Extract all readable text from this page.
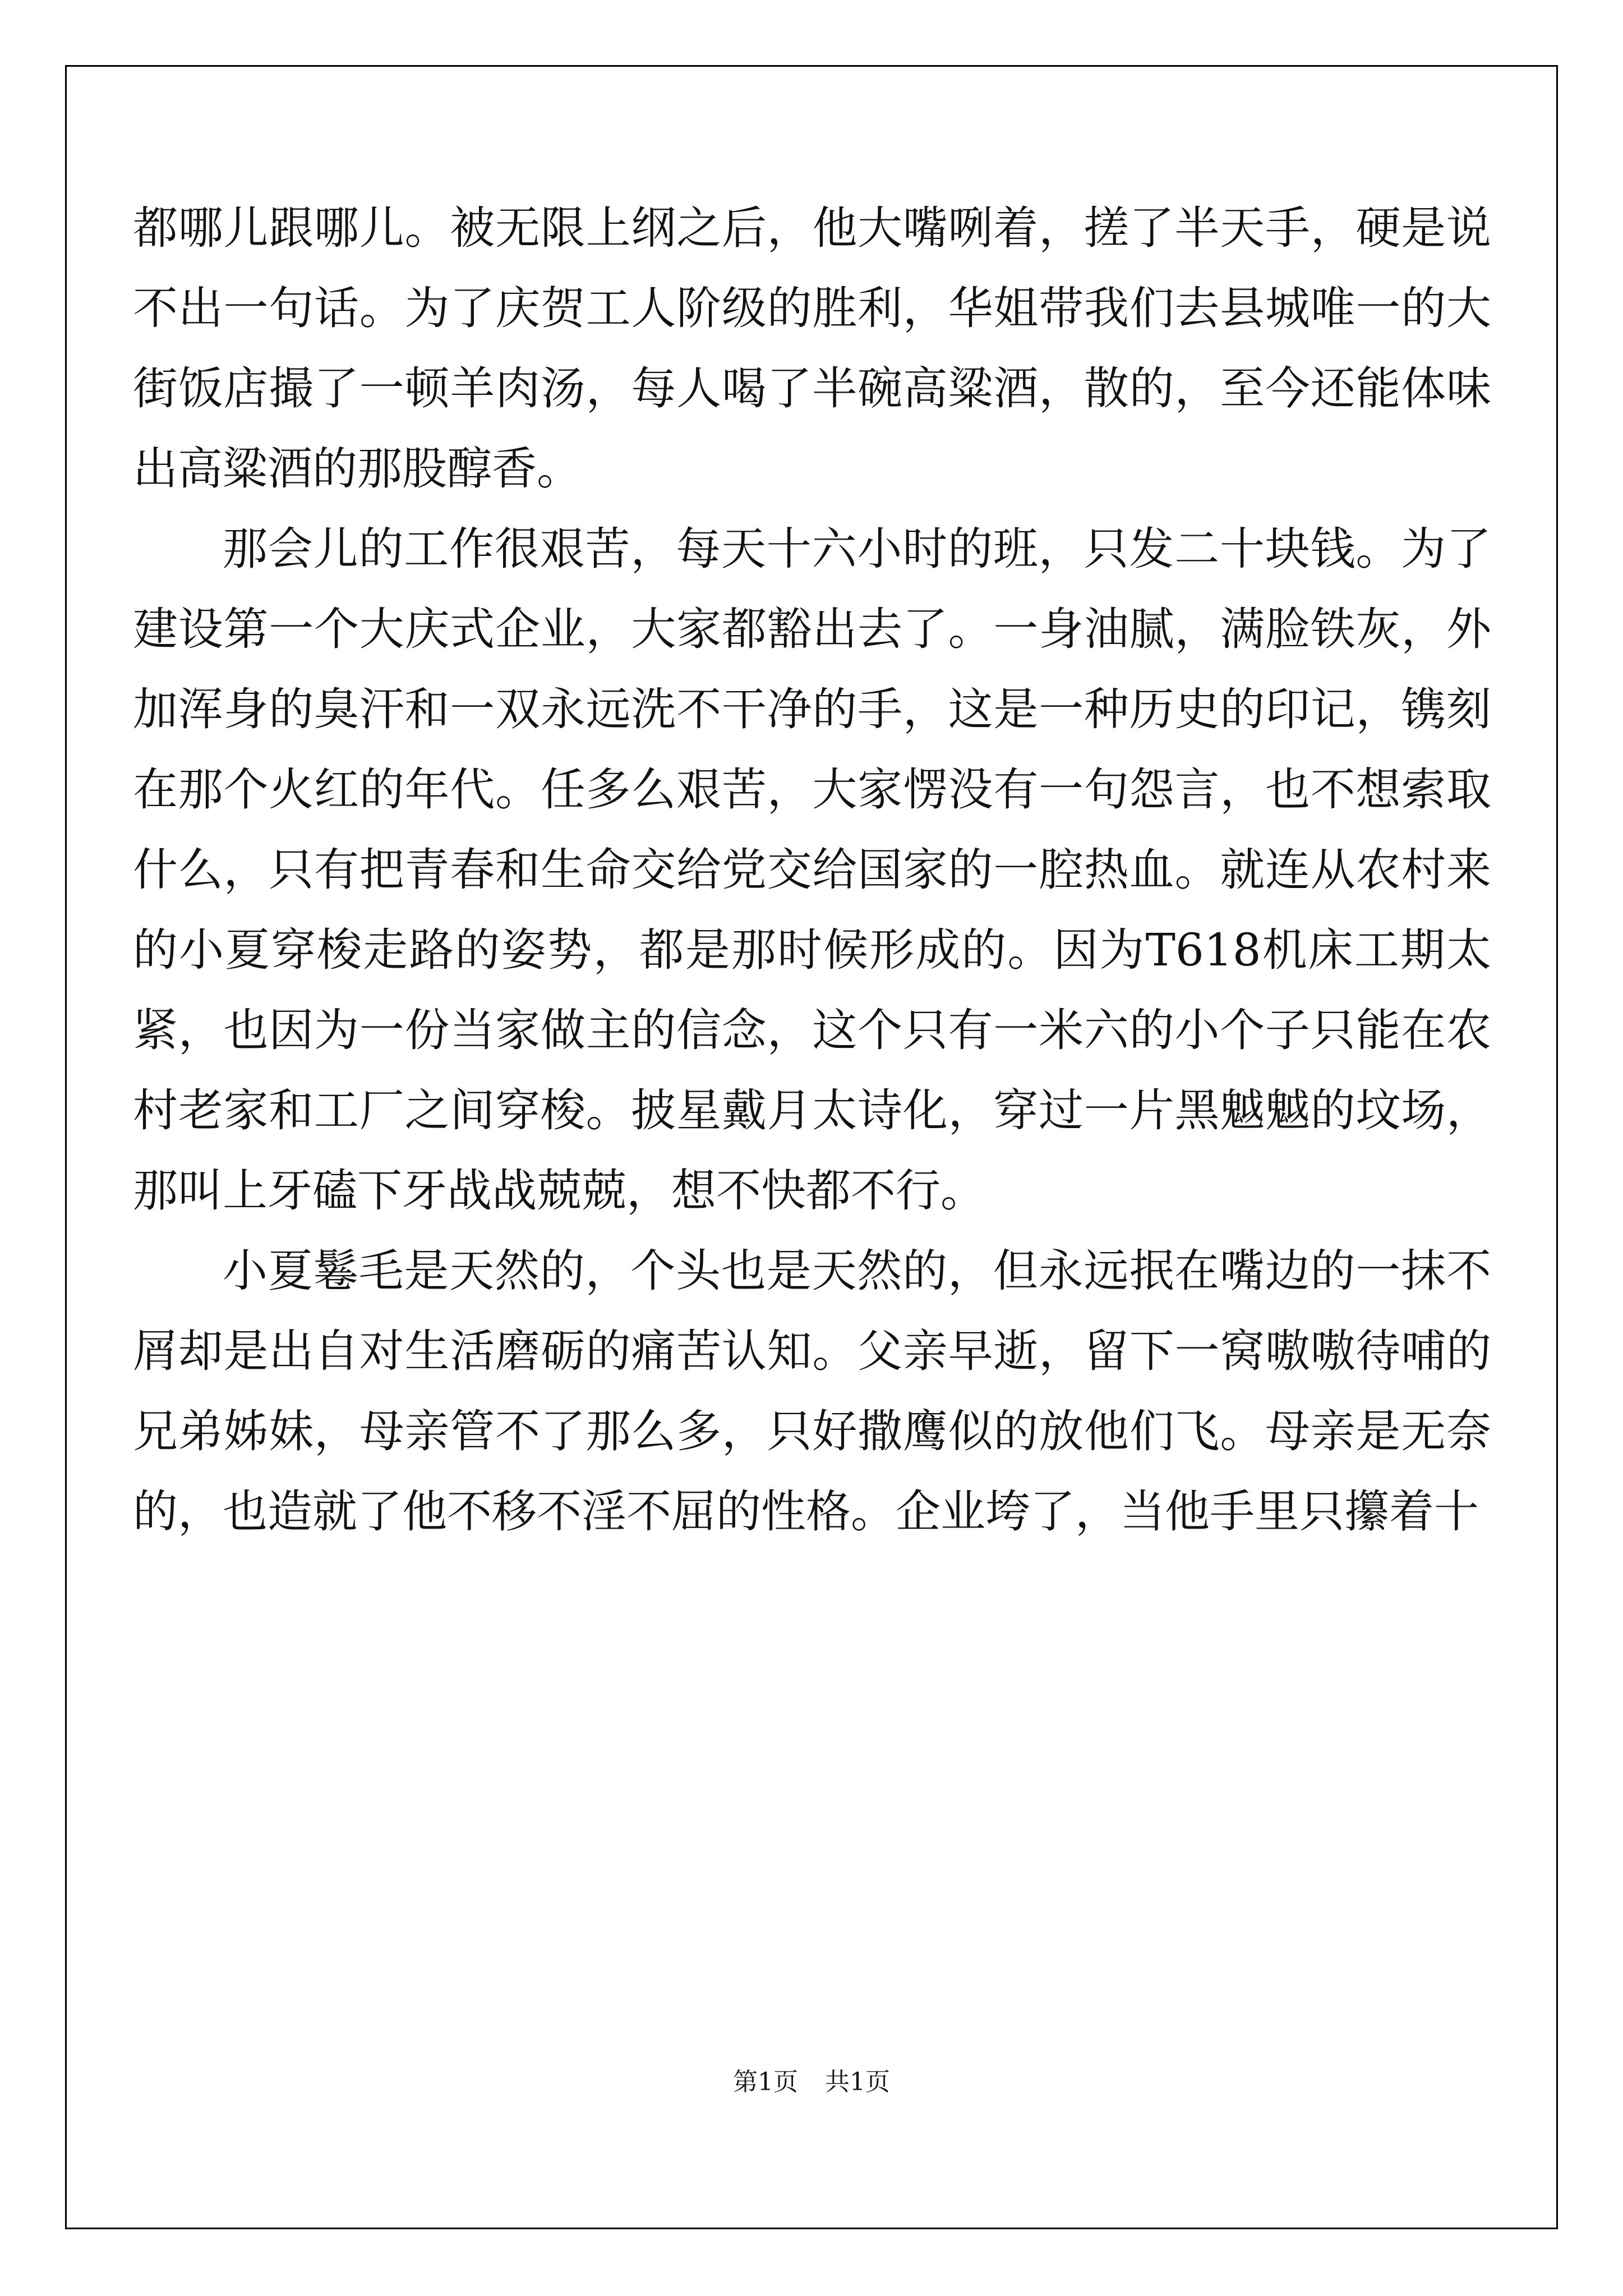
都哪儿跟哪儿。被无限上纲之后，他大嘴咧着，搓了半天手，硬是说不出一句话。为了庆贺工人阶级的胜利，华姐带我们去县城唯一的大街饭店撮了一顿羊肉汤，每人喝了半碗高粱酒，散的，至今还能体味出高粱酒的那股醇香。

那会儿的工作很艰苦，每天十六小时的班，只发二十块钱。为了建设第一个大庆式企业，大家都豁出去了。一身油腻，满脸铁灰，外加浑身的臭汗和一双永远洗不干净的手，这是一种历史的印记，镌刻在那个火红的年代。任多么艰苦，大家愣没有一句怨言，也不想索取什么，只有把青春和生命交给党交给国家的一腔热血。就连从农村来的小夏穿梭走路的姿势，都是那时候形成的。因为T618机床工期太紧，也因为一份当家做主的信念，这个只有一米六的小个子只能在农村老家和工厂之间穿梭。披星戴月太诗化，穿过一片黑魆魆的坟场，那叫上牙磕下牙战战兢兢，想不快都不行。

小夏鬈毛是天然的，个头也是天然的，但永远抿在嘴边的一抹不屑却是出自对生活磨砺的痛苦认知。父亲早逝，留下一窝嗷嗷待哺的兄弟姊妹，母亲管不了那么多，只好撒鹰似的放他们飞。母亲是无奈的，也造就了他不移不淫不屈的性格。企业垮了，当他手里只攥着十

第1页 共1页
